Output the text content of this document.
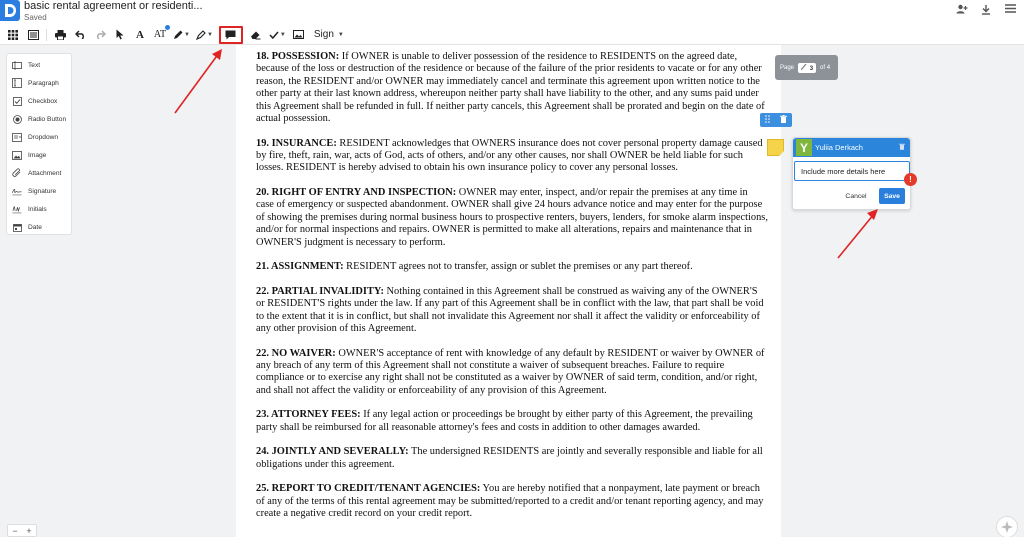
basic rental agreement or residenti...
Saved
A AT	▼	▼	▼	Sign ▼
Text
Paragraph
Checkbox
Radio Button
Dropdown
Image
Attachment
Signature
Initials
Date

18. POSSESSION: If OWNER is unable to deliver possession of the residence to RESIDENTS on the agreed date, because of the loss or destruction of the residence or because of the failure of the prior residents to vacate or for any other reason, the RESIDENT and/or OWNER may immediately cancel and terminate this agreement upon written notice to the other party at their last known address, whereupon neither party shall have liability to the other, and any sums paid under this Agreement shall be refunded in full. If neither party cancels, this Agreement shall be prorated and begin on the date of actual possession.

19. INSURANCE: RESIDENT acknowledges that OWNERS insurance does not cover personal property damage caused by fire, theft, rain, war, acts of God, acts of others, and/or any other causes, nor shall OWNER be held liable for such losses. RESIDENT is hereby advised to obtain his own insurance policy to cover any personal losses.

20. RIGHT OF ENTRY AND INSPECTION: OWNER may enter, inspect, and/or repair the premises at any time in case of emergency or suspected abandonment. OWNER shall give 24 hours advance notice and may enter for the purpose of showing the premises during normal business hours to prospective renters, buyers, lenders, for smoke alarm inspections, and/or for normal inspections and repairs. OWNER is permitted to make all alterations, repairs and maintenance that in OWNER'S judgment is necessary to perform.

21. ASSIGNMENT: RESIDENT agrees not to transfer, assign or sublet the premises or any part thereof.

22. PARTIAL INVALIDITY: Nothing contained in this Agreement shall be construed as waiving any of the OWNER'S or RESIDENT'S rights under the law. If any part of this Agreement shall be in conflict with the law, that part shall be void to the extent that it is in conflict, but shall not invalidate this Agreement nor shall it affect the validity or enforceability of any other provision of this Agreement.

22. NO WAIVER: OWNER'S acceptance of rent with knowledge of any default by RESIDENT or waiver by OWNER of any breach of any term of this Agreement shall not constitute a waiver of subsequent breaches. Failure to require compliance or to exercise any right shall not be constituted as a waiver by OWNER of said term, condition, and/or right, and shall not affect the validity or enforceability of any provision of this Agreement.

23. ATTORNEY FEES: If any legal action or proceedings be brought by either party of this Agreement, the prevailing party shall be reimbursed for all reasonable attorney's fees and costs in addition to other damages awarded.

24. JOINTLY AND SEVERALLY: The undersigned RESIDENTS are jointly and severally responsible and liable for all obligations under this agreement.

25. REPORT TO CREDIT/TENANT AGENCIES: You are hereby notified that a nonpayment, late payment or breach of any of the terms of this rental agreement may be submitted/reported to a credit and/or tenant reporting agency, and may create a negative credit record on your credit report.

Page	3	of 4
Y Yuliia Derkach
Include more details here
!
Cancel	Save
− +
